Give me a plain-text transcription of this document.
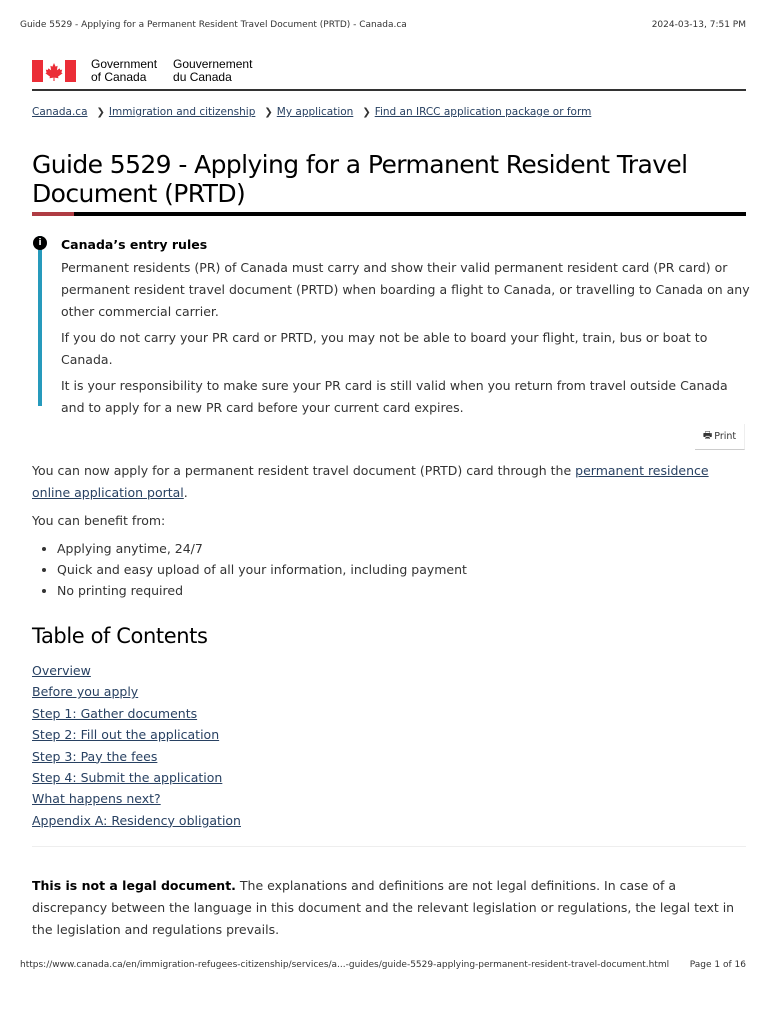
Guide 5529 - Applying for a Permanent Resident Travel Document (PRTD) - Canada.ca	2024-03-13, 7:51 PM
Government
of Canada
Gouvernement
du Canada
Canada.ca ❯ Immigration and citizenship ❯ My application ❯ Find an IRCC application package or form
Guide 5529 - Applying for a Permanent Resident Travel Document (PRTD)
i	Canada’s entry rules

Permanent residents (PR) of Canada must carry and show their valid permanent resident card (PR card) or permanent resident travel document (PRTD) when boarding a flight to Canada, or travelling to Canada on any other commercial carrier.

If you do not carry your PR card or PRTD, you may not be able to board your flight, train, bus or boat to Canada.

It is your responsibility to make sure your PR card is still valid when you return from travel outside Canada and to apply for a new PR card before your current card expires.

🖶 Print

You can now apply for a permanent resident travel document (PRTD) card through the permanent residence online application portal.

You can benefit from:

• Applying anytime, 24/7
• Quick and easy upload of all your information, including payment
• No printing required
Table of Contents
Overview
Before you apply
Step 1: Gather documents
Step 2: Fill out the application
Step 3: Pay the fees
Step 4: Submit the application
What happens next?
Appendix A: Residency obligation

This is not a legal document. The explanations and definitions are not legal definitions. In case of a discrepancy between the language in this document and the relevant legislation or regulations, the legal text in the legislation and regulations prevails.

https://www.canada.ca/en/immigration-refugees-citizenship/services/a...-guides/guide-5529-applying-permanent-resident-travel-document.html Page 1 of 16
